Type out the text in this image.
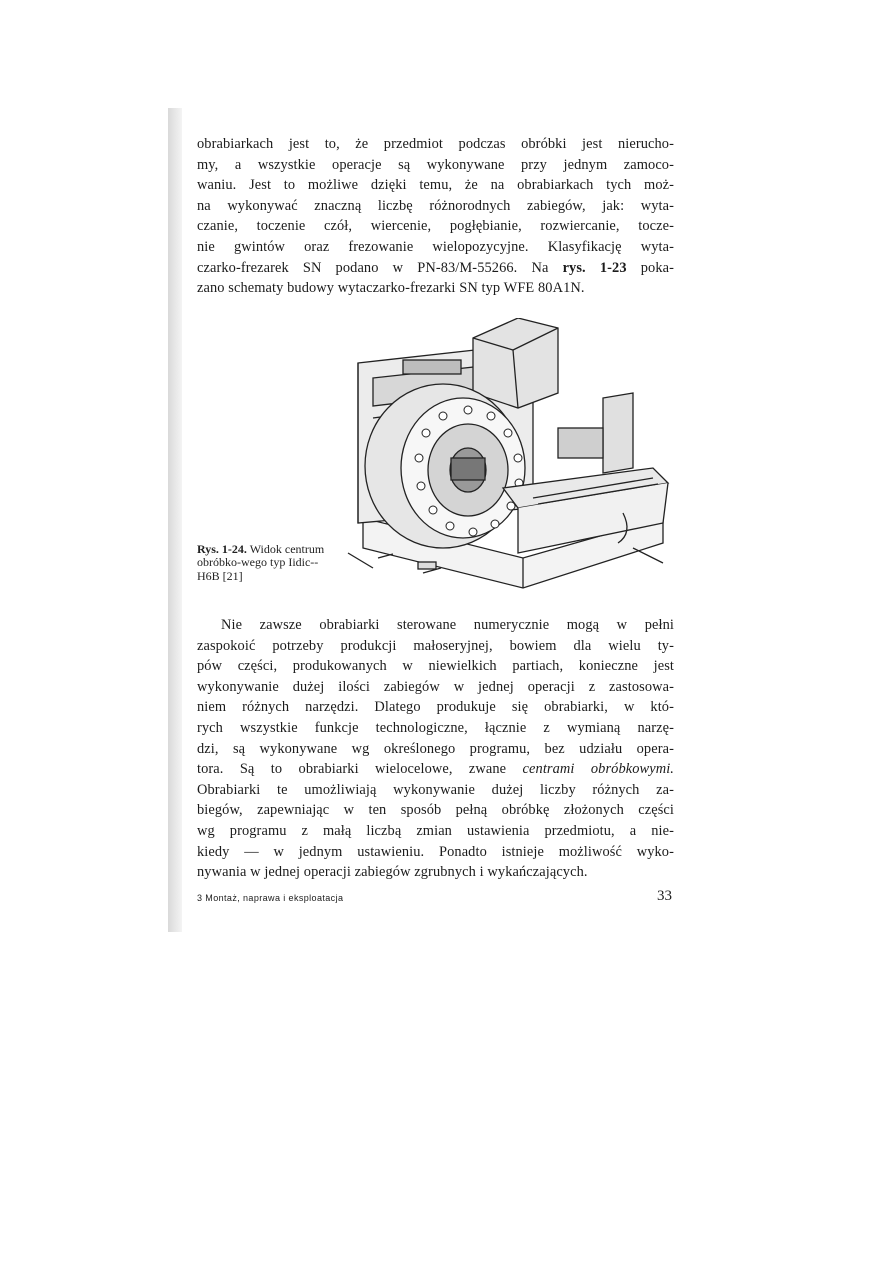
obrabiarkach jest to, że przedmiot podczas obróbki jest nierucho-
my, a wszystkie operacje są wykonywane przy jednym zamoco-
waniu. Jest to możliwe dzięki temu, że na obrabiarkach tych moż-
na wykonywać znaczną liczbę różnorodnych zabiegów, jak: wyta-
czanie, toczenie czół, wiercenie, pogłębianie, rozwiercanie, tocze-
nie gwintów oraz frezowanie wielopozycyjne. Klasyfikację wyta-
czarko-frezarek SN podano w PN-83/M-55266. Na rys. 1-23 poka-
zano schematy budowy wytaczarko-frezarki SN typ WFE 80A1N.
Rys. 1-24. Widok centrum obróbko-wego typ Iidic--H6B [21]
Nie zawsze obrabiarki sterowane numerycznie mogą w pełni
zaspokoić potrzeby produkcji małoseryjnej, bowiem dla wielu ty-
pów części, produkowanych w niewielkich partiach, konieczne jest
wykonywanie dużej ilości zabiegów w jednej operacji z zastosowa-
niem różnych narzędzi. Dlatego produkuje się obrabiarki, w któ-
rych wszystkie funkcje technologiczne, łącznie z wymianą narzę-
dzi, są wykonywane wg określonego programu, bez udziału opera-
tora. Są to obrabiarki wielocelowe, zwane centrami obróbkowymi.
Obrabiarki te umożliwiają wykonywanie dużej liczby różnych za-
biegów, zapewniając w ten sposób pełną obróbkę złożonych części
wg programu z małą liczbą zmian ustawienia przedmiotu, a nie-
kiedy — w jednym ustawieniu. Ponadto istnieje możliwość wyko-
nywania w jednej operacji zabiegów zgrubnych i wykańczających.
3 Montaż, naprawa i eksploatacja	33
